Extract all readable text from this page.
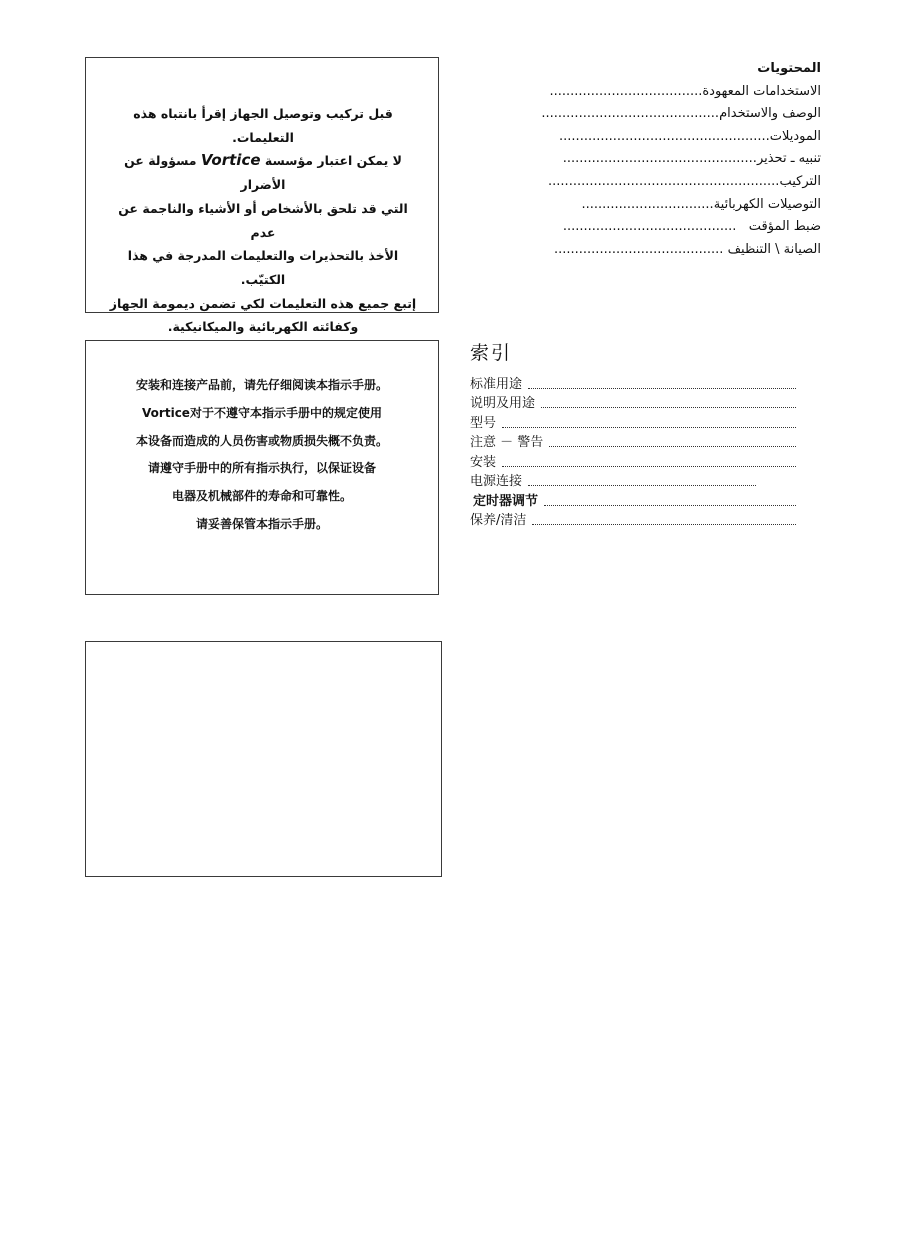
قبل تركيب وتوصيل الجهاز إقرأ بانتباه هذه

التعليمات.

لا يمكن اعتبار مؤسسة Vortice مسؤولة عن الأضرار

التي قد تلحق بالأشخاص أو الأشياء والناجمة عن عدم

الأخذ بالتحذيرات والتعليمات المدرجة في هذا الكتيّب.

إتبع جميع هذه التعليمات لكي تضمن ديمومة الجهاز

وكفائته الكهربائية والميكانيكية.

المحتويات
الاستخدامات المعهودة.....................................
الوصف والاستخدام...........................................
الموديلات...................................................
تنبيه ـ تحذير...............................................
التركيب........................................................
التوصيلات الكهربائية................................
ضبط المؤقت   ..........................................
الصيانة \ التنظيف .........................................

安装和连接产品前，请先仔细阅读本指示手册。

Vortice对于不遵守本指示手册中的规定使用

本设备而造成的人员伤害或物质损失概不负责。

请遵守手册中的所有指示执行，以保证设备

电器及机械部件的寿命和可靠性。

请妥善保管本指示手册。

索引
标准用途
说明及用途
型号
注意 － 警告
安装
电源连接
定时器调节
保养/清洁
